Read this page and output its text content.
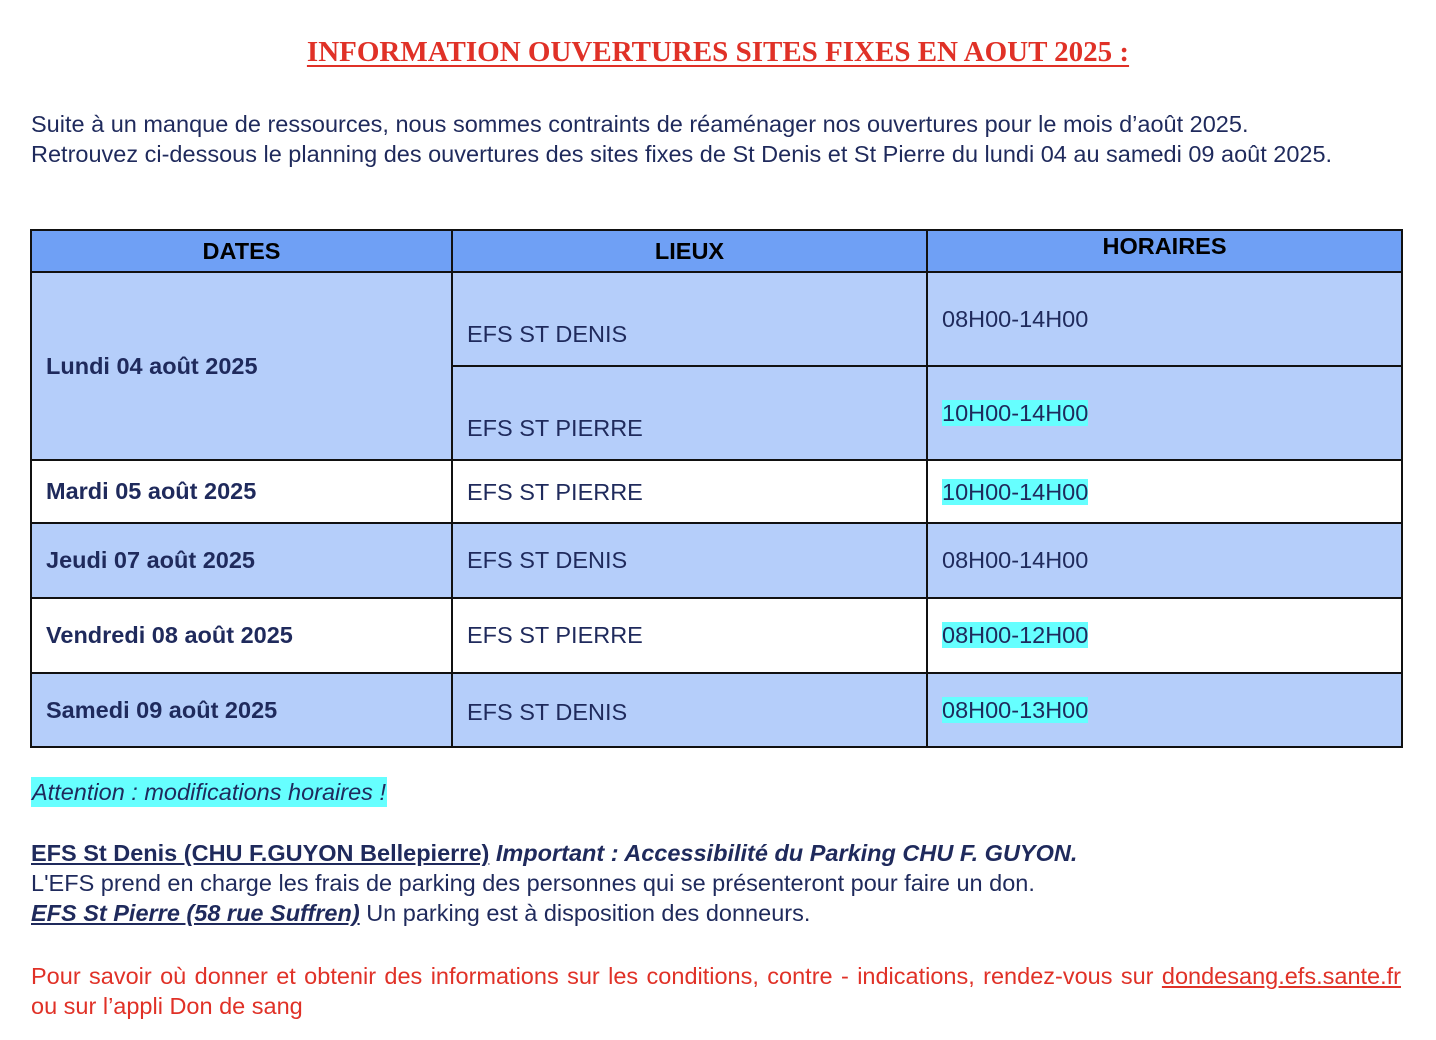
INFORMATION OUVERTURES SITES FIXES EN AOUT 2025 :

Suite à un manque de ressources, nous sommes contraints de réaménager nos ouvertures pour le mois d’août 2025.

Retrouvez ci-dessous le planning des ouvertures des sites fixes de St Denis et St Pierre du lundi 04 au samedi 09 août 2025.

DATES	LIEUX	HORAIRES
Lundi 04 août 2025	EFS ST DENIS	08H00-14H00
	EFS ST PIERRE	10H00-14H00
Mardi 05 août 2025	EFS ST PIERRE	10H00-14H00
Jeudi 07 août 2025	EFS ST DENIS	08H00-14H00
Vendredi 08 août 2025	EFS ST PIERRE	08H00-12H00
Samedi 09 août 2025	EFS ST DENIS	08H00-13H00
Attention : modifications horaires !

EFS St Denis (CHU F.GUYON Bellepierre) Important : Accessibilité du Parking CHU F. GUYON.

L'EFS prend en charge les frais de parking des personnes qui se présenteront pour faire un don.

EFS St Pierre (58 rue Suffren) Un parking est à disposition des donneurs.

Pour savoir où donner et obtenir des informations sur les conditions, contre - indications, rendez-vous sur dondesang.efs.sante.fr ou sur l’appli Don de sang
